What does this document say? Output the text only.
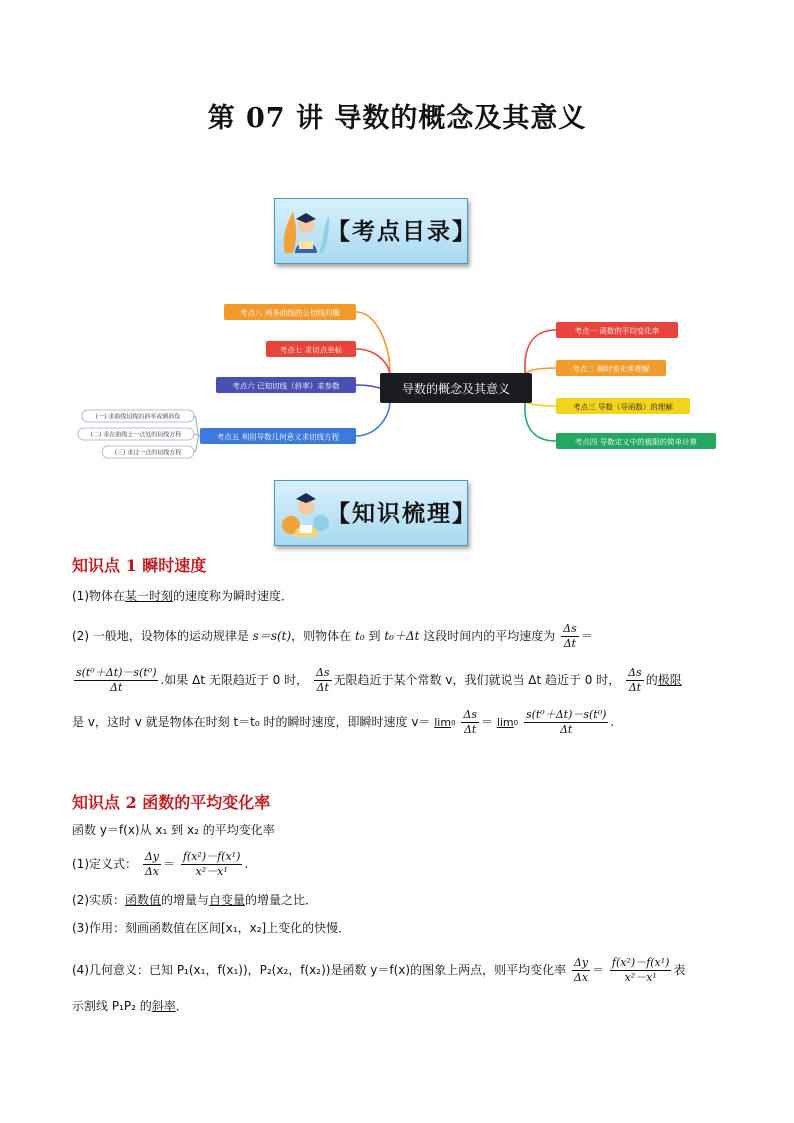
第 07 讲 导数的概念及其意义
【考点目录】
导数的概念及其意义
考点一 函数的平均变化率
考点二 瞬时变化率理解
考点三 导数（导函数）的理解
考点四 导数定义中的极限的简单计算
考点八 两条曲线的公切线问题
考点七 求切点坐标
考点六 已知切线（斜率）求参数
考点五 利用导数几何意义求切线方程
(一) 求曲线切线的斜率或倾斜角
(二) 求在曲线上一点处的切线方程
(三) 求过一点的切线方程
【知识梳理】
知识点 1 瞬时速度
(1)物体在某一时刻的速度称为瞬时速度．
(2) 一般地，设物体的运动规律是 s＝s(t)，则物体在 t₀ 到 t₀＋Δt 这段时间内的平均速度为 $\frac{\Delta s}{\Delta t}$ ＝
$\frac{\text{s(t⁰＋Δt)－s(t⁰)}}{\Delta t}$ .如果 Δt 无限趋近于 0 时， $\frac{\Delta s}{\Delta t}$ 无限趋近于某个常数 v，我们就说当 Δt 趋近于 0 时， $\frac{\Delta s}{\Delta t}$ 的极限
是 v，这时 v 就是物体在时刻 t＝t₀ 时的瞬时速度，即瞬时速度 $v= \lim 0 \frac{\Delta s}{\Delta t} = \lim 0 \frac{\text{s(t⁰＋Δt)－s(t⁰)}}{\Delta t}$ .
知识点 2 函数的平均变化率
函数 y＝f(x)从 x₁ 到 x₂ 的平均变化率
(1)定义式： $\frac{\Delta y}{\Delta x} = \frac{\text{f(x²)－f(x¹)}}{\text{x²－x¹}}$ .
(2)实质：函数值的增量与自变量的增量之比．
(3)作用：刻画函数值在区间[x₁，x₂]上变化的快慢．
(4)几何意义：已知 P₁(x₁，f(x₁))，P₂(x₂，f(x₂))是函数 y＝f(x)的图象上两点，则平均变化率 $\frac{\Delta y}{\Delta x} = \frac{\text{f(x²)－f(x¹)}}{\text{x²－x¹}}$ 表
示割线 P₁P₂ 的斜率．
